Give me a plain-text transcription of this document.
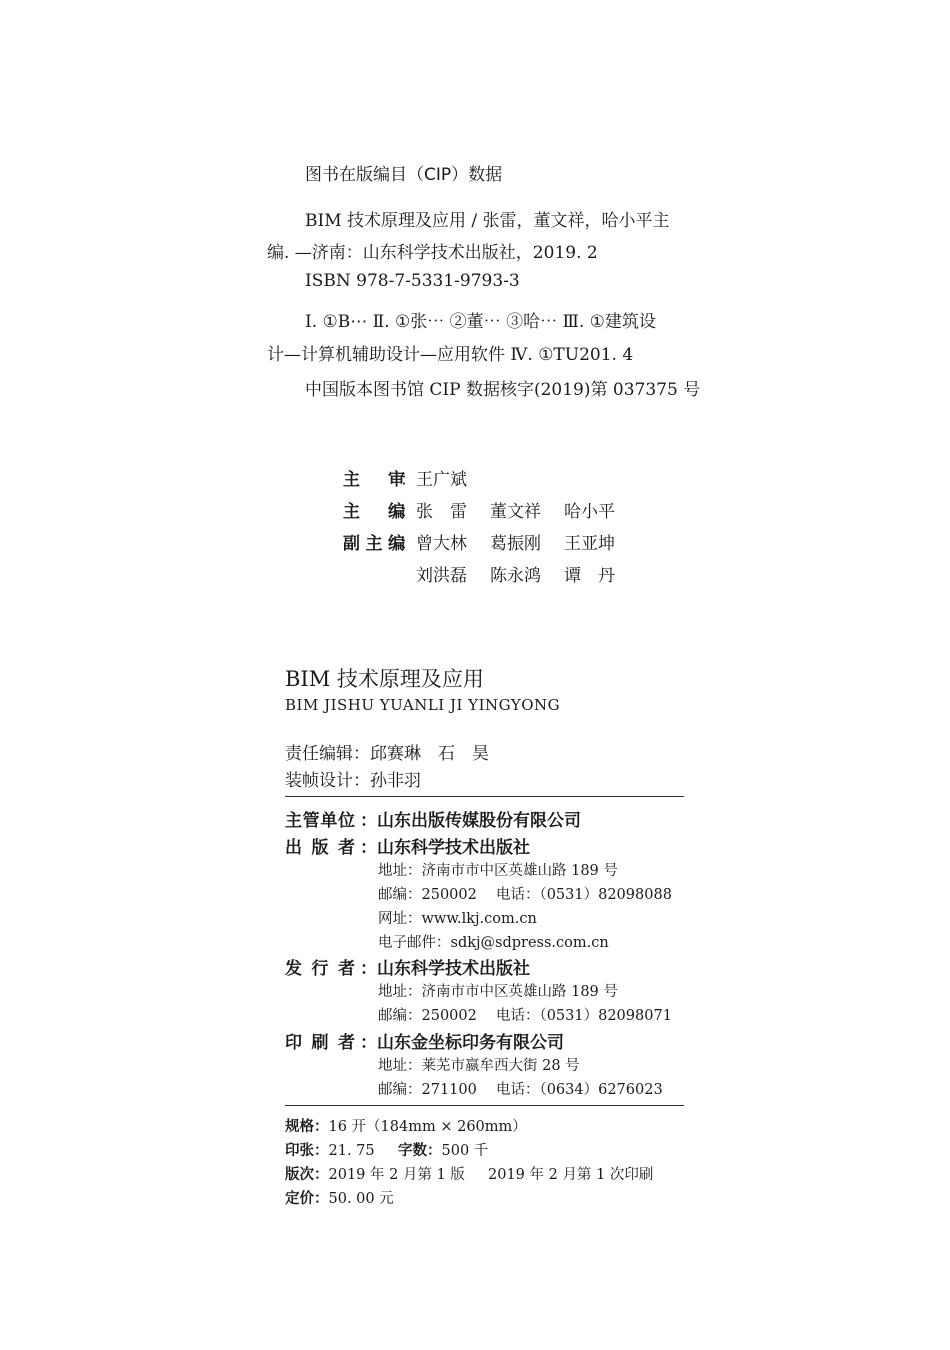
图书在版编目（CIP）数据
BIM 技术原理及应用 / 张雷，董文祥，哈小平主
编. —济南：山东科学技术出版社，2019. 2
ISBN 978-7-5331-9793-3
Ⅰ. ①B⋯ Ⅱ. ①张⋯ ②董⋯ ③哈⋯ Ⅲ. ①建筑设
计—计算机辅助设计—应用软件 Ⅳ. ①TU201. 4
中国版本图书馆 CIP 数据核字(2019)第 037375 号
主审
： 王广斌
主编
： 张　雷 董文祥 哈小平
副主编
： 曾大林 葛振刚 王亚坤
刘洪磊 陈永鸿 谭　丹
BIM 技术原理及应用
BIM JISHU YUANLI JI YINGYONG
责任编辑：邱赛琳　石　昊
装帧设计：孙非羽
主管单位 ：山东出版传媒股份有限公司
出版者 ：山东科学技术出版社
地址：济南市市中区英雄山路 189 号
邮编：250002　 电话：（0531）82098088
网址：www.lkj.com.cn
电子邮件：sdkj@sdpress.com.cn
发行者 ：山东科学技术出版社
地址：济南市市中区英雄山路 189 号
邮编：250002　 电话：（0531）82098071
印刷者 ：山东金坐标印务有限公司
地址：莱芜市嬴牟西大街 28 号
邮编：271100　 电话：（0634）6276023
规格：16 开（184mm × 260mm）
印张：21. 75 字数：500 千
版次：2019 年 2 月第 1 版 2019 年 2 月第 1 次印刷
定价：50. 00 元
